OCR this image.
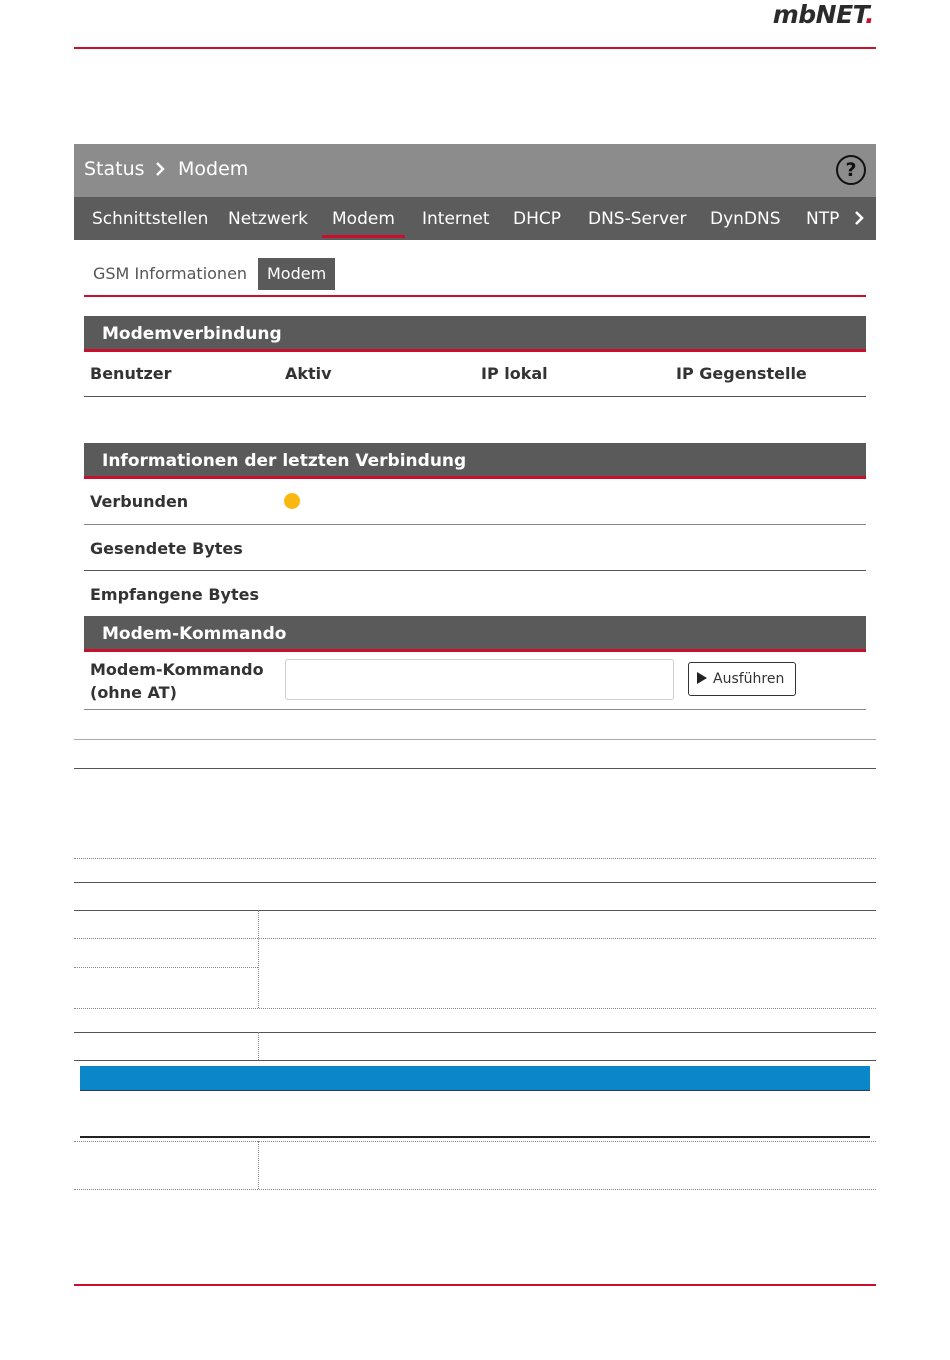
mbNET.
Status Modem	?
Schnittstellen Netzwerk Modem Internet DHCP DNS-Server DynDNS NTP
GSM Informationen	Modem
Modemverbindung
Benutzer	Aktiv	IP lokal	IP Gegenstelle
Informationen der letzten Verbindung
Verbunden
Gesendete Bytes
Empfangene Bytes
Modem-Kommando
Modem-Kommando
(ohne AT)
Ausführen
